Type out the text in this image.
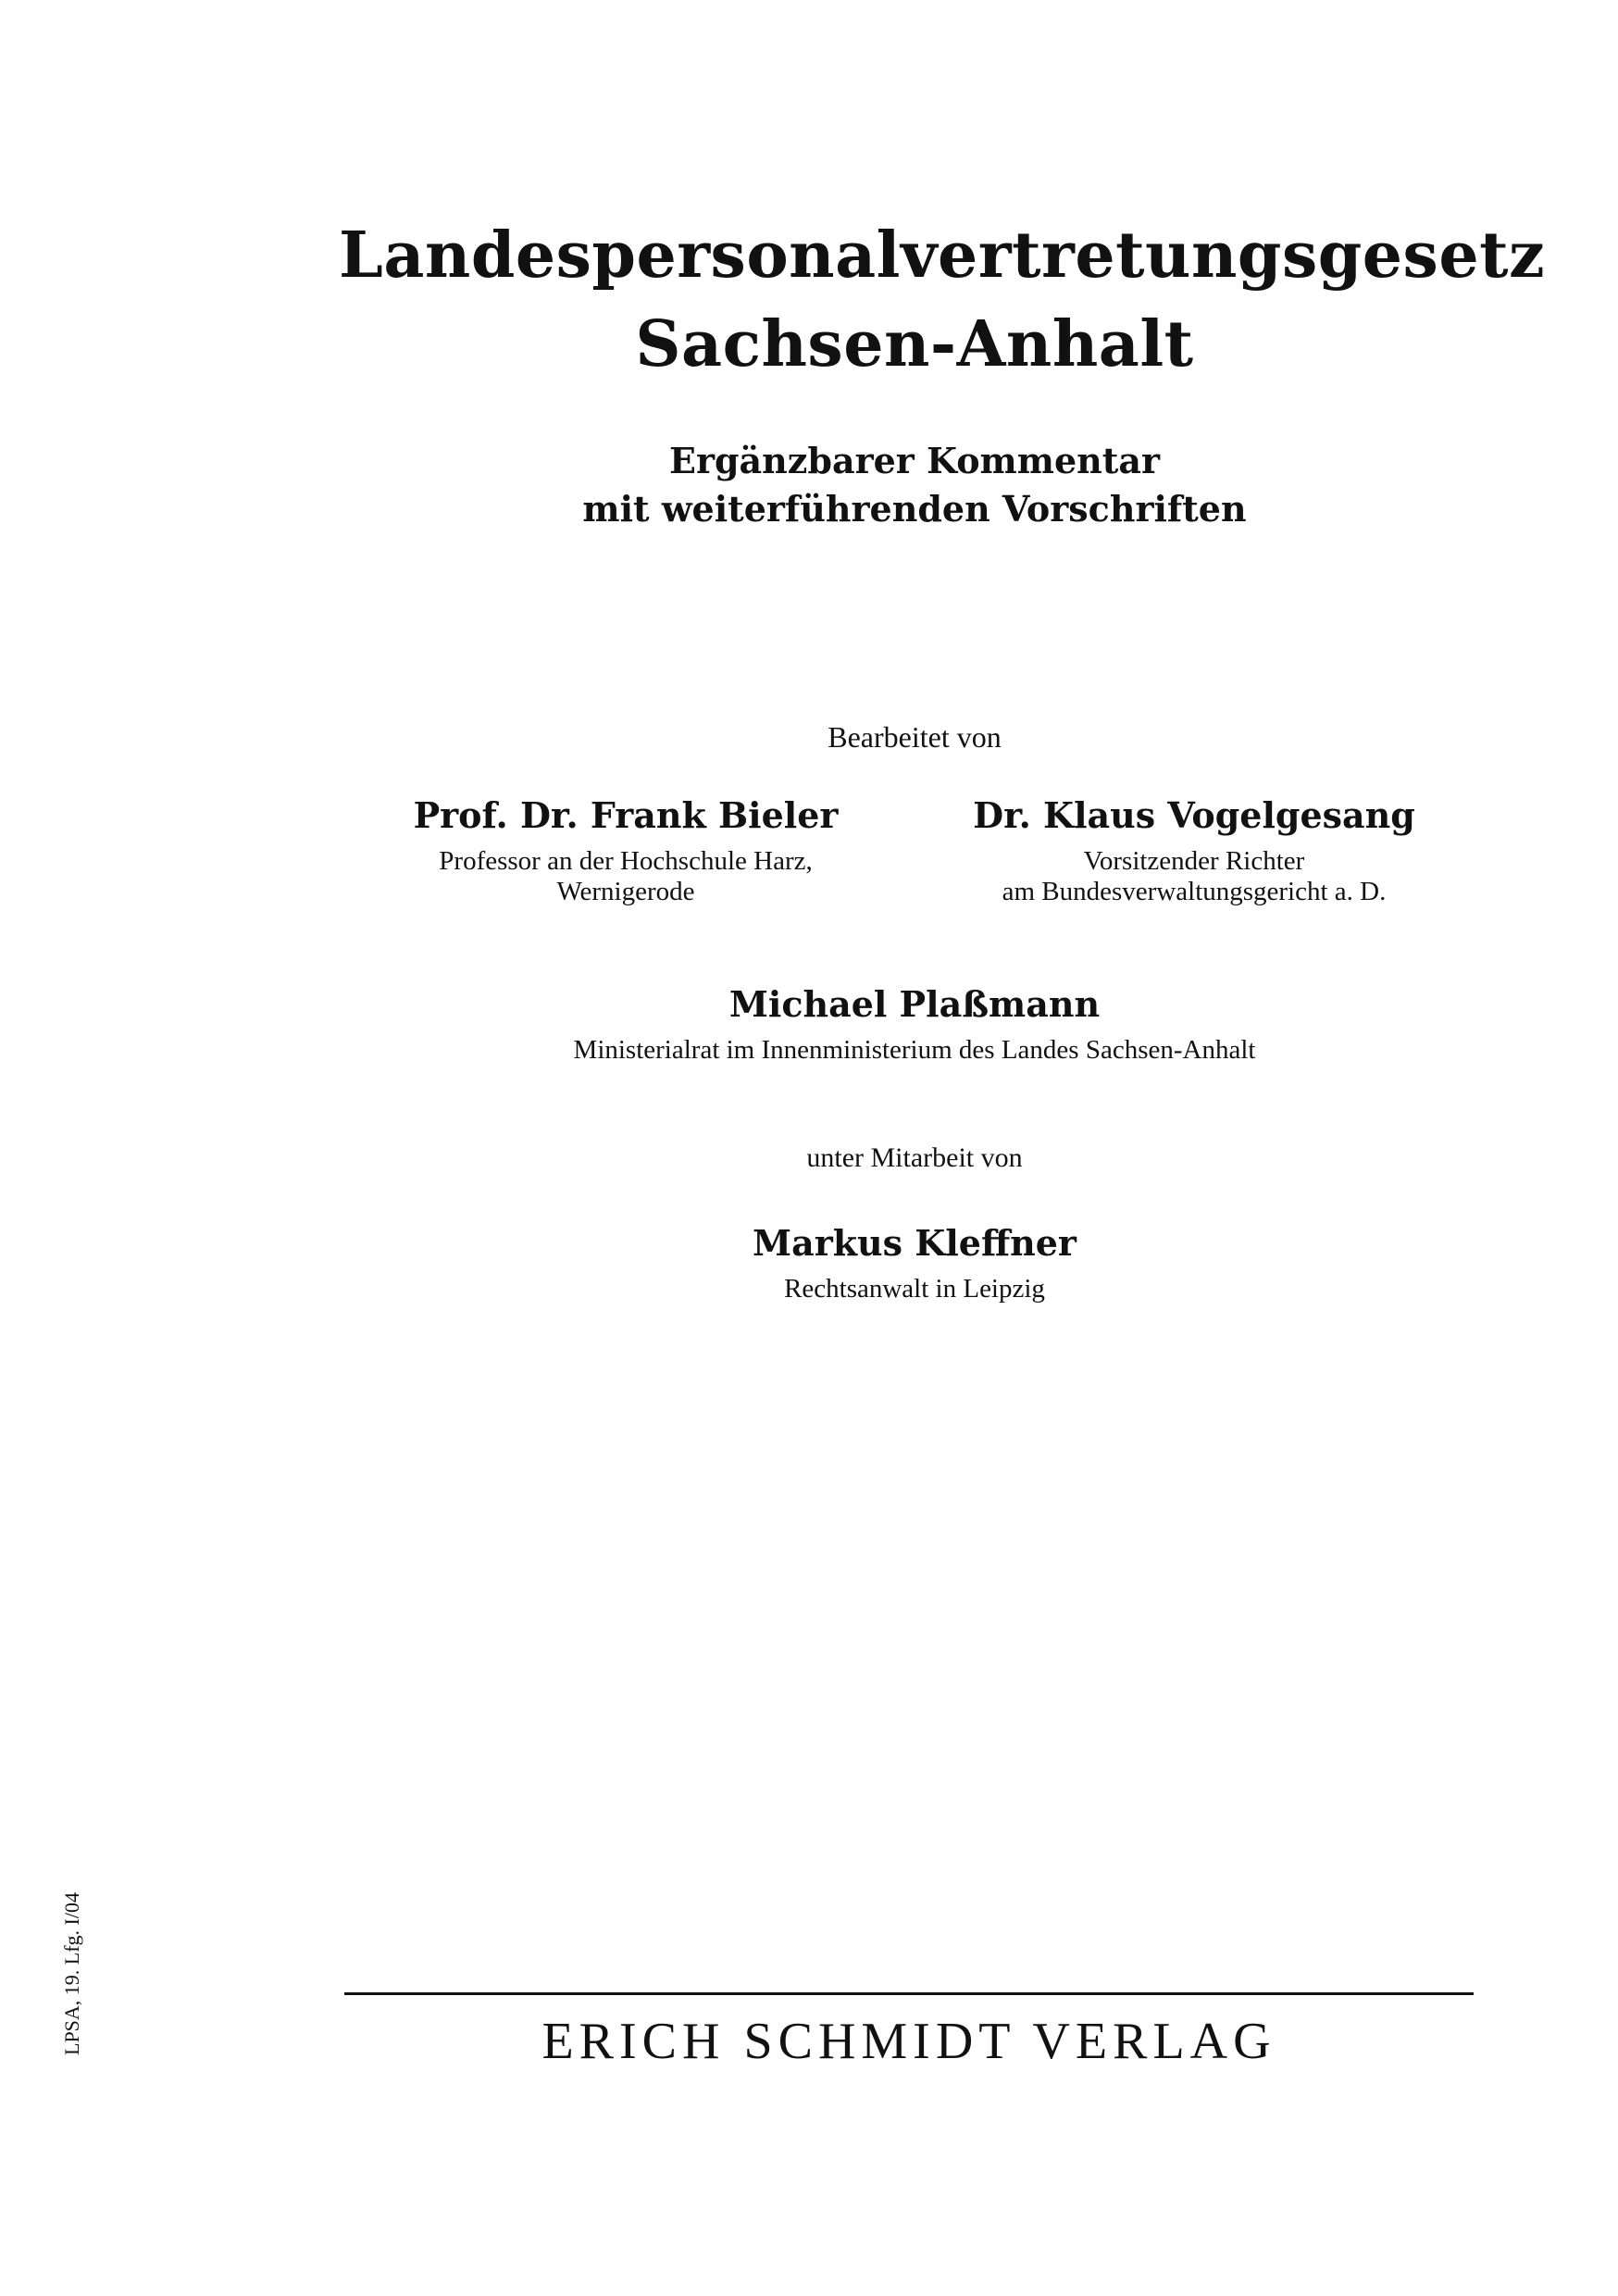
Landespersonalvertretungsgesetz
Sachsen-Anhalt
Ergänzbarer Kommentar
mit weiterführenden Vorschriften
Bearbeitet von
Prof. Dr. Frank Bieler
Professor an der Hochschule Harz,
Wernigerode
Dr. Klaus Vogelgesang
Vorsitzender Richter
am Bundesverwaltungsgericht a. D.
Michael Plaßmann
Ministerialrat im Innenministerium des Landes Sachsen-Anhalt
unter Mitarbeit von
Markus Kleffner
Rechtsanwalt in Leipzig
ERICH SCHMIDT VERLAG
LPSA, 19. Lfg. I/04
